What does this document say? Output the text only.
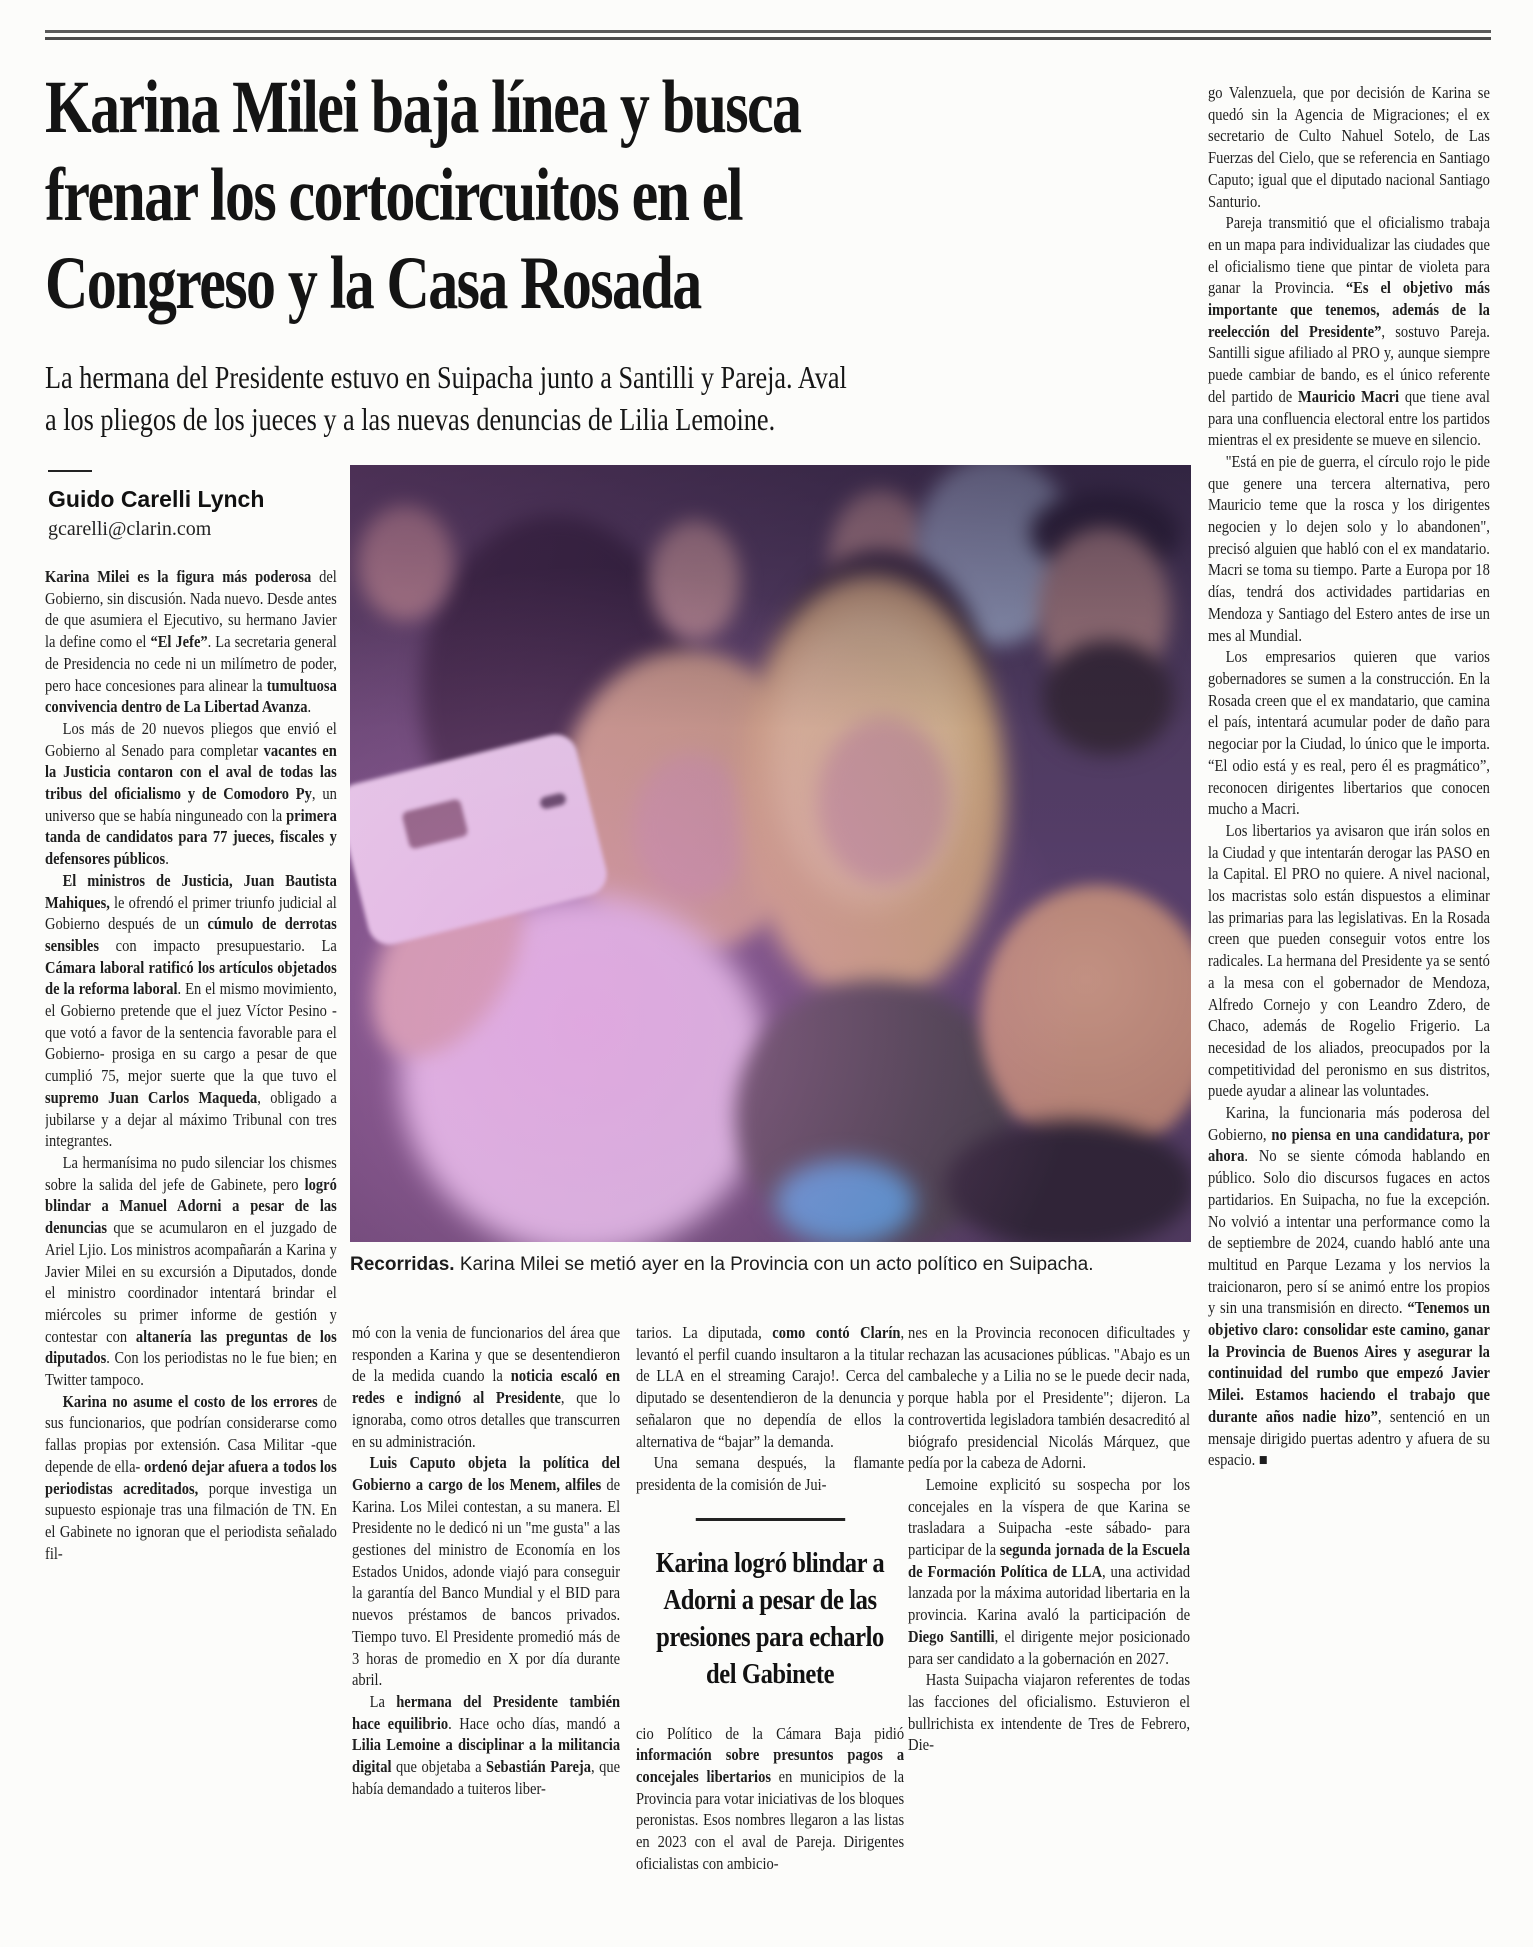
Karina Milei baja línea y busca
frenar los cortocircuitos en el
Congreso y la Casa Rosada
La hermana del Presidente estuvo en Suipacha junto a Santilli y Pareja. Aval
a los pliegos de los jueces y a las nuevas denuncias de Lilia Lemoine.
Guido Carelli Lynch
gcarelli@clarin.com

Karina Milei es la figura más poderosa del Gobierno, sin discusión. Nada nuevo. Desde antes de que asumiera el Ejecutivo, su hermano Javier la define como el “El Jefe”. La secretaria general de Presidencia no cede ni un milímetro de poder, pero hace concesiones para alinear la tumultuosa convivencia dentro de La Libertad Avanza.

Los más de 20 nuevos pliegos que envió el Gobierno al Senado para completar vacantes en la Justicia contaron con el aval de todas las tribus del oficialismo y de Comodoro Py, un universo que se había ninguneado con la primera tanda de candidatos para 77 jueces, fiscales y defensores públicos.

El ministros de Justicia, Juan Bautista Mahiques, le ofrendó el primer triunfo judicial al Gobierno después de un cúmulo de derrotas sensibles con impacto presupuestario. La Cámara laboral ratificó los artículos objetados de la reforma laboral. En el mismo movimiento, el Gobierno pretende que el juez Víctor Pesino -que votó a favor de la sentencia favorable para el Gobierno- prosiga en su cargo a pesar de que cumplió 75, mejor suerte que la que tuvo el supremo Juan Carlos Maqueda, obligado a jubilarse y a dejar al máximo Tribunal con tres integrantes.

La hermanísima no pudo silenciar los chismes sobre la salida del jefe de Gabinete, pero logró blindar a Manuel Adorni a pesar de las denuncias que se acumularon en el juzgado de Ariel Ljio. Los ministros acompañarán a Karina y Javier Milei en su excursión a Diputados, donde el ministro coordinador intentará brindar el miércoles su primer informe de gestión y contestar con altanería las preguntas de los diputados. Con los periodistas no le fue bien; en Twitter tampoco.

Karina no asume el costo de los errores de sus funcionarios, que podrían considerarse como fallas propias por extensión. Casa Militar -que depende de ella- ordenó dejar afuera a todos los periodistas acreditados, porque investiga un supuesto espionaje tras una filmación de TN. En el Gabinete no ignoran que el periodista señalado fil-

Recorridas. Karina Milei se metió ayer en la Provincia con un acto político en Suipacha.

mó con la venia de funcionarios del área que responden a Karina y que se desentendieron de la medida cuando la noticia escaló en redes e indignó al Presidente, que lo ignoraba, como otros detalles que transcurren en su administración.

Luis Caputo objeta la política del Gobierno a cargo de los Menem, alfiles de Karina. Los Milei contestan, a su manera. El Presidente no le dedicó ni un "me gusta" a las gestiones del ministro de Economía en los Estados Unidos, adonde viajó para conseguir la garantía del Banco Mundial y el BID para nuevos préstamos de bancos privados. Tiempo tuvo. El Presidente promedió más de 3 horas de promedio en X por día durante abril.

La hermana del Presidente también hace equilibrio. Hace ocho días, mandó a Lilia Lemoine a disciplinar a la militancia digital que objetaba a Sebastián Pareja, que había demandado a tuiteros liber-

tarios. La diputada, como contó Clarín, levantó el perfil cuando insultaron a la titular de LLA en el streaming Carajo!. Cerca del diputado se desentendieron de la denuncia y señalaron que no dependía de ellos la alternativa de “bajar” la demanda.

Una semana después, la flamante presidenta de la comisión de Jui-

Karina logró blindar a
Adorni a pesar de las
presiones para echarlo
del Gabinete

cio Político de la Cámara Baja pidió información sobre presuntos pagos a concejales libertarios en municipios de la Provincia para votar iniciativas de los bloques peronistas. Esos nombres llegaron a las listas en 2023 con el aval de Pareja. Dirigentes oficialistas con ambicio-

nes en la Provincia reconocen dificultades y rechazan las acusaciones públicas. "Abajo es un cambaleche y a Lilia no se le puede decir nada, porque habla por el Presidente"; dijeron. La controvertida legisladora también desacreditó al biógrafo presidencial Nicolás Márquez, que pedía por la cabeza de Adorni.

Lemoine explicitó su sospecha por los concejales en la víspera de que Karina se trasladara a Suipacha -este sábado- para participar de la segunda jornada de la Escuela de Formación Política de LLA, una actividad lanzada por la máxima autoridad libertaria en la provincia. Karina avaló la participación de Diego Santilli, el dirigente mejor posicionado para ser candidato a la gobernación en 2027.

Hasta Suipacha viajaron referentes de todas las facciones del oficialismo. Estuvieron el bullrichista ex intendente de Tres de Febrero, Die-

go Valenzuela, que por decisión de Karina se quedó sin la Agencia de Migraciones; el ex secretario de Culto Nahuel Sotelo, de Las Fuerzas del Cielo, que se referencia en Santiago Caputo; igual que el diputado nacional Santiago Santurio.

Pareja transmitió que el oficialismo trabaja en un mapa para individualizar las ciudades que el oficialismo tiene que pintar de violeta para ganar la Provincia. “Es el objetivo más importante que tenemos, además de la reelección del Presidente”, sostuvo Pareja. Santilli sigue afiliado al PRO y, aunque siempre puede cambiar de bando, es el único referente del partido de Mauricio Macri que tiene aval para una confluencia electoral entre los partidos mientras el ex presidente se mueve en silencio.

"Está en pie de guerra, el círculo rojo le pide que genere una tercera alternativa, pero Mauricio teme que la rosca y los dirigentes negocien y lo dejen solo y lo abandonen", precisó alguien que habló con el ex mandatario. Macri se toma su tiempo. Parte a Europa por 18 días, tendrá dos actividades partidarias en Mendoza y Santiago del Estero antes de irse un mes al Mundial.

Los empresarios quieren que varios gobernadores se sumen a la construcción. En la Rosada creen que el ex mandatario, que camina el país, intentará acumular poder de daño para negociar por la Ciudad, lo único que le importa. “El odio está y es real, pero él es pragmático”, reconocen dirigentes libertarios que conocen mucho a Macri.

Los libertarios ya avisaron que irán solos en la Ciudad y que intentarán derogar las PASO en la Capital. El PRO no quiere. A nivel nacional, los macristas solo están dispuestos a eliminar las primarias para las legislativas. En la Rosada creen que pueden conseguir votos entre los radicales. La hermana del Presidente ya se sentó a la mesa con el gobernador de Mendoza, Alfredo Cornejo y con Leandro Zdero, de Chaco, además de Rogelio Frigerio. La necesidad de los aliados, preocupados por la competitividad del peronismo en sus distritos, puede ayudar a alinear las voluntades.

Karina, la funcionaria más poderosa del Gobierno, no piensa en una candidatura, por ahora. No se siente cómoda hablando en público. Solo dio discursos fugaces en actos partidarios. En Suipacha, no fue la excepción. No volvió a intentar una performance como la de septiembre de 2024, cuando habló ante una multitud en Parque Lezama y los nervios la traicionaron, pero sí se animó entre los propios y sin una transmisión en directo. “Tenemos un objetivo claro: consolidar este camino, ganar la Provincia de Buenos Aires y asegurar la continuidad del rumbo que empezó Javier Milei. Estamos haciendo el trabajo que durante años nadie hizo”, sentenció en un mensaje dirigido puertas adentro y afuera de su espacio. ■
